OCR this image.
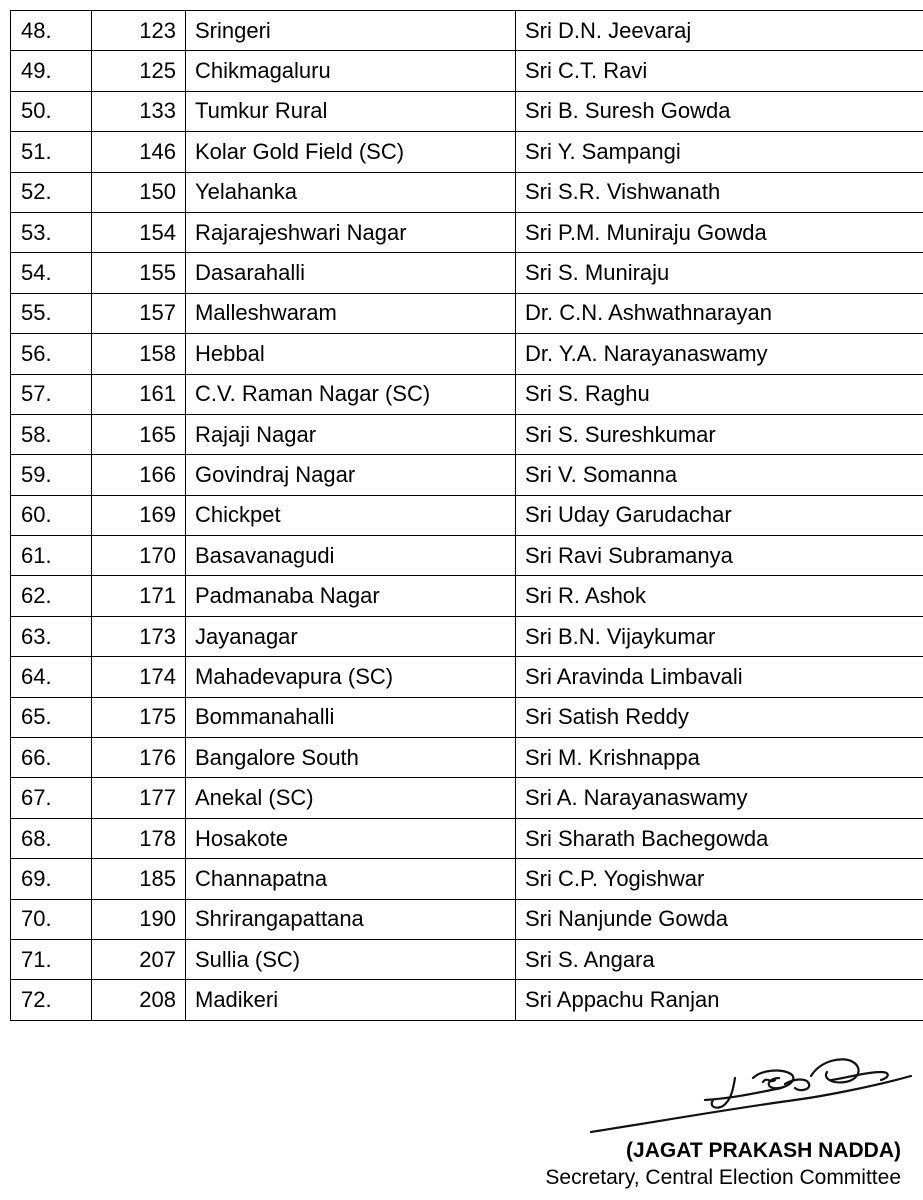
48.	123	Sringeri	Sri D.N. Jeevaraj
49.	125	Chikmagaluru	Sri C.T. Ravi
50.	133	Tumkur Rural	Sri B. Suresh Gowda
51.	146	Kolar Gold Field (SC)	Sri Y. Sampangi
52.	150	Yelahanka	Sri S.R. Vishwanath
53.	154	Rajarajeshwari Nagar	Sri P.M. Muniraju Gowda
54.	155	Dasarahalli	Sri S. Muniraju
55.	157	Malleshwaram	Dr. C.N. Ashwathnarayan
56.	158	Hebbal	Dr. Y.A. Narayanaswamy
57.	161	C.V. Raman Nagar (SC)	Sri S. Raghu
58.	165	Rajaji Nagar	Sri S. Sureshkumar
59.	166	Govindraj Nagar	Sri V. Somanna
60.	169	Chickpet	Sri Uday Garudachar
61.	170	Basavanagudi	Sri Ravi Subramanya
62.	171	Padmanaba Nagar	Sri R. Ashok
63.	173	Jayanagar	Sri B.N. Vijaykumar
64.	174	Mahadevapura (SC)	Sri Aravinda Limbavali
65.	175	Bommanahalli	Sri Satish Reddy
66.	176	Bangalore South	Sri M. Krishnappa
67.	177	Anekal (SC)	Sri A. Narayanaswamy
68.	178	Hosakote	Sri Sharath Bachegowda
69.	185	Channapatna	Sri C.P. Yogishwar
70.	190	Shrirangapattana	Sri Nanjunde Gowda
71.	207	Sullia (SC)	Sri S. Angara
72.	208	Madikeri	Sri Appachu Ranjan
(JAGAT PRAKASH NADDA)
Secretary, Central Election Committee
